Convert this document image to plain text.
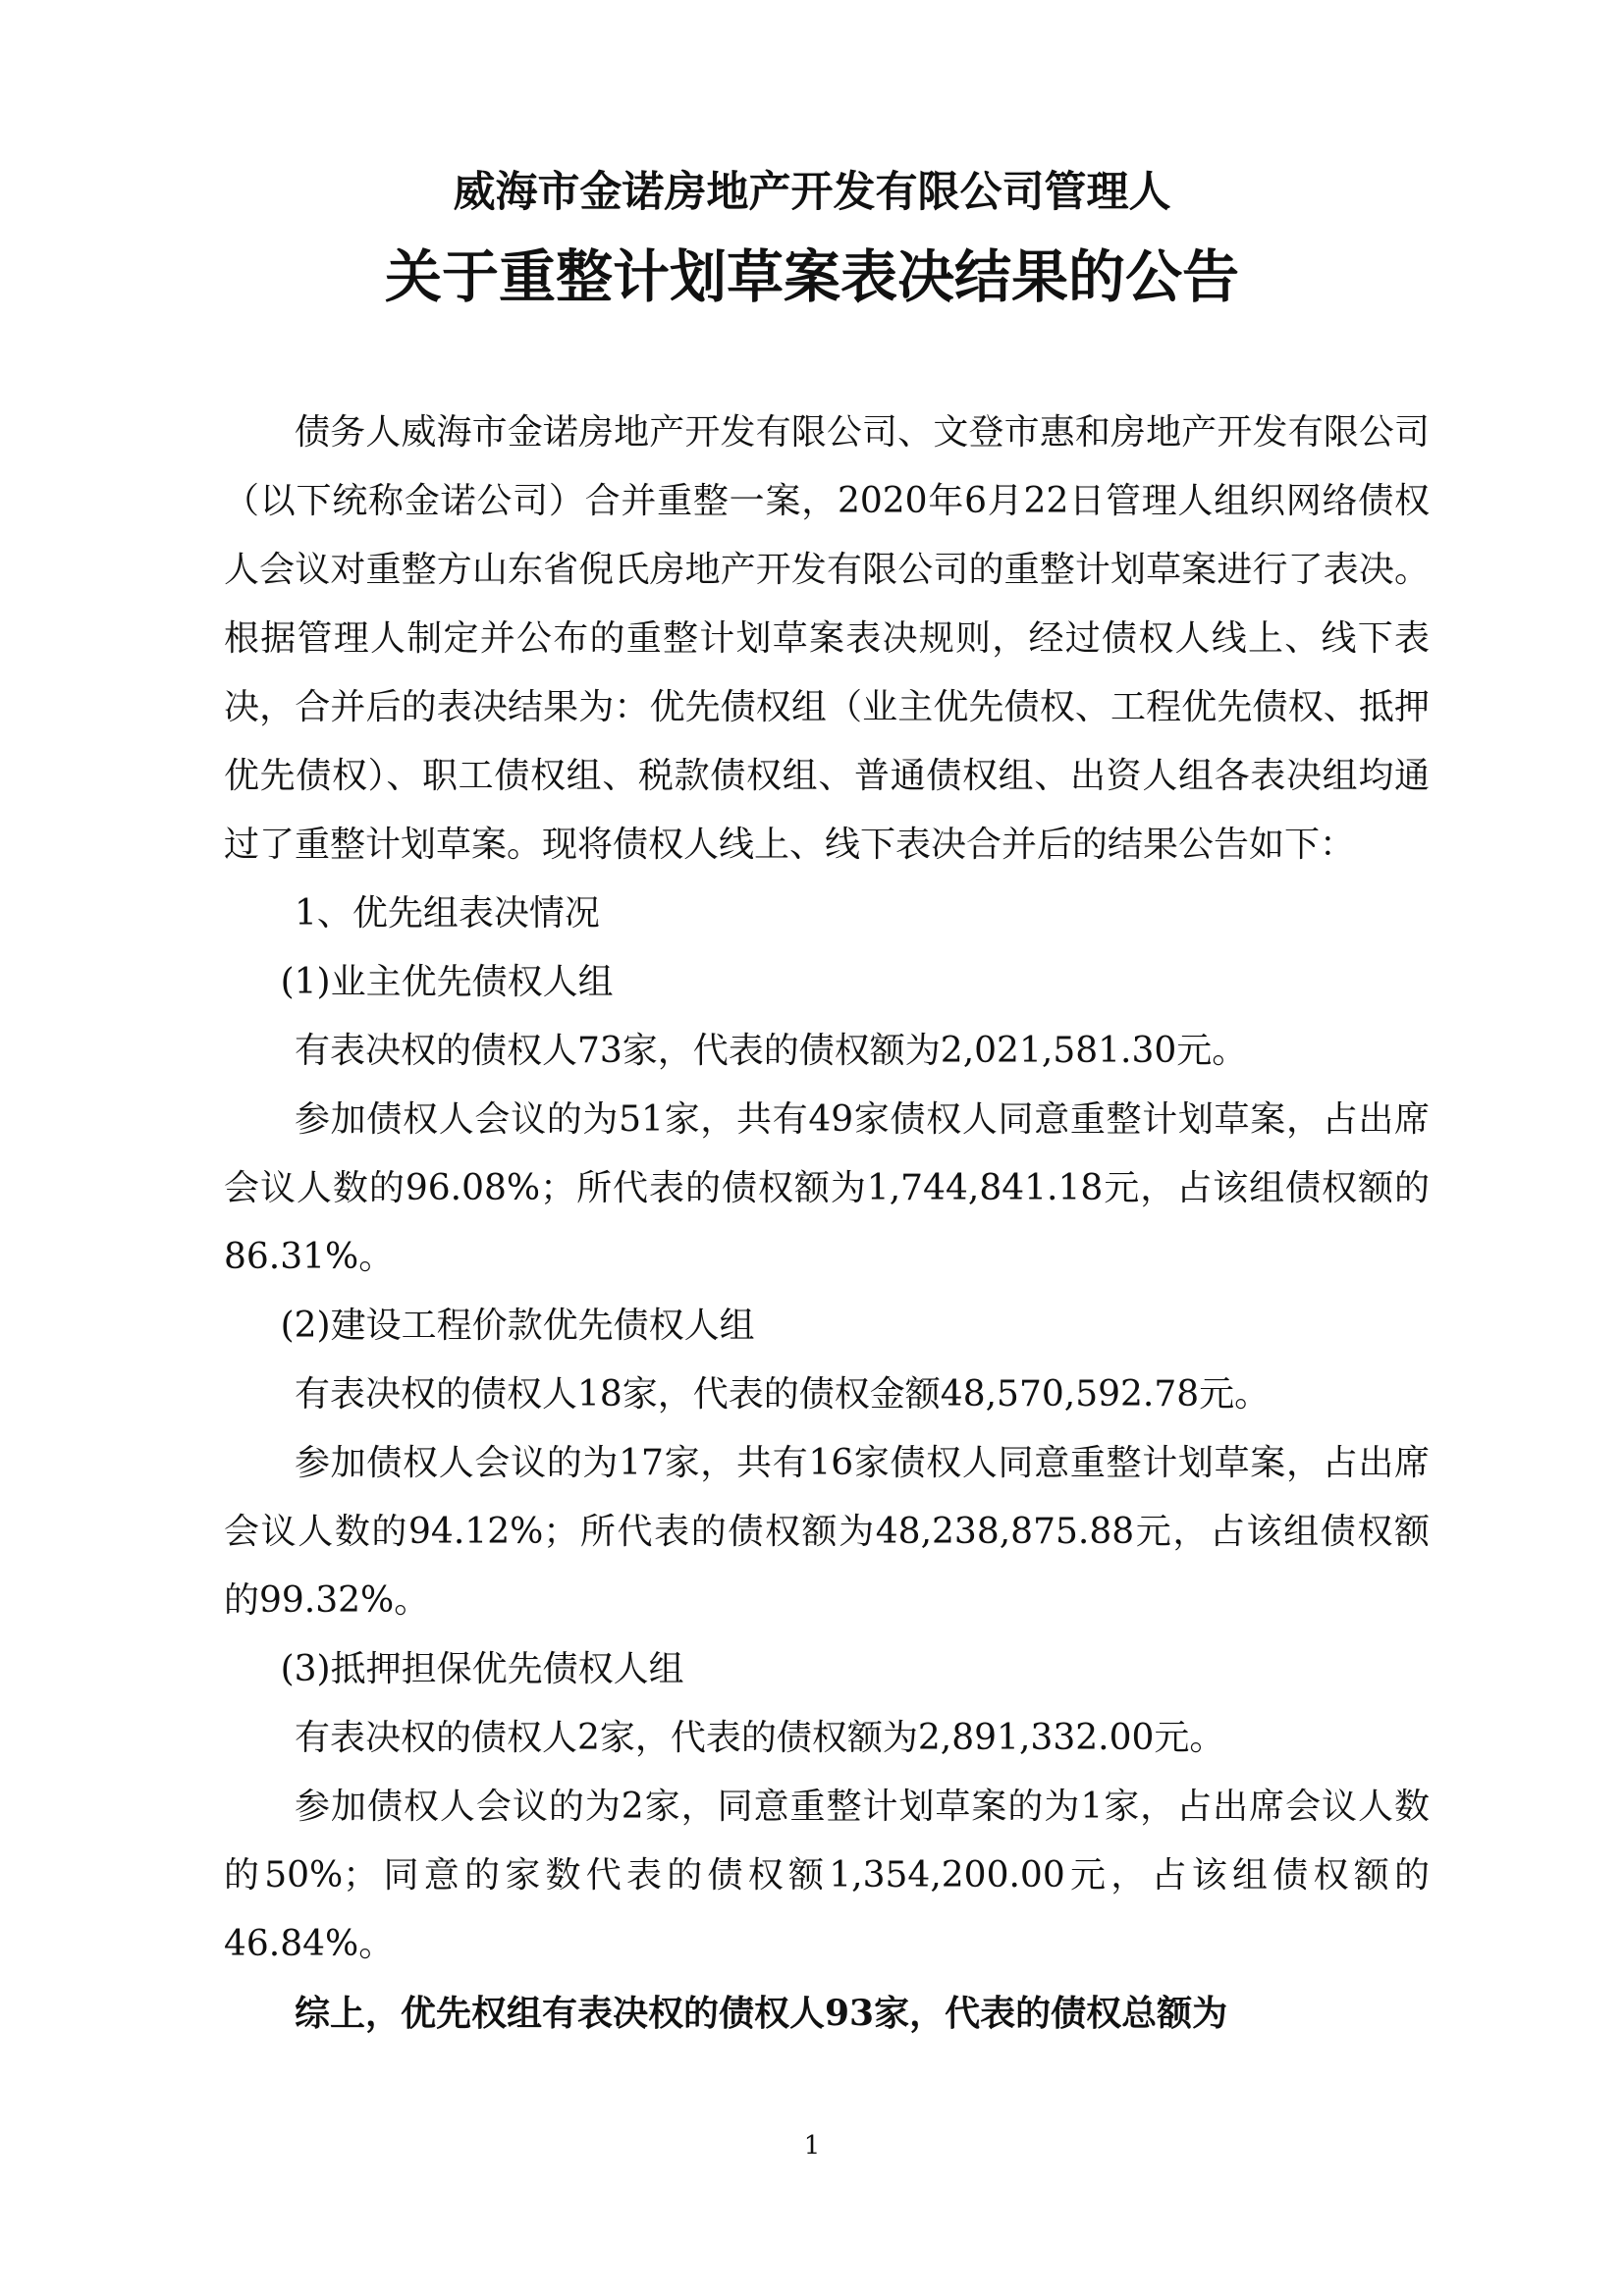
威海市金诺房地产开发有限公司管理人
关于重整计划草案表决结果的公告

债务人威海市金诺房地产开发有限公司、文登市惠和房地产开发有限公司（以下统称金诺公司）合并重整一案，2020年6月22日管理人组织网络债权人会议对重整方山东省倪氏房地产开发有限公司的重整计划草案进行了表决。根据管理人制定并公布的重整计划草案表决规则，经过债权人线上、线下表决，合并后的表决结果为：优先债权组（业主优先债权、工程优先债权、抵押优先债权）、职工债权组、税款债权组、普通债权组、出资人组各表决组均通过了重整计划草案。现将债权人线上、线下表决合并后的结果公告如下：

1、优先组表决情况

(1)业主优先债权人组

有表决权的债权人73家，代表的债权额为2,021,581.30元。

参加债权人会议的为51家，共有49家债权人同意重整计划草案，占出席会议人数的96.08%；所代表的债权额为1,744,841.18元，占该组债权额的86.31%。

(2)建设工程价款优先债权人组

有表决权的债权人18家，代表的债权金额48,570,592.78元。

参加债权人会议的为17家，共有16家债权人同意重整计划草案，占出席会议人数的94.12%；所代表的债权额为48,238,875.88元，占该组债权额的99.32%。

(3)抵押担保优先债权人组

有表决权的债权人2家，代表的债权额为2,891,332.00元。

参加债权人会议的为2家，同意重整计划草案的为1家，占出席会议人数的50%；同意的家数代表的债权额1,354,200.00元，占该组债权额的46.84%。

综上，优先权组有表决权的债权人93家，代表的债权总额为

1
